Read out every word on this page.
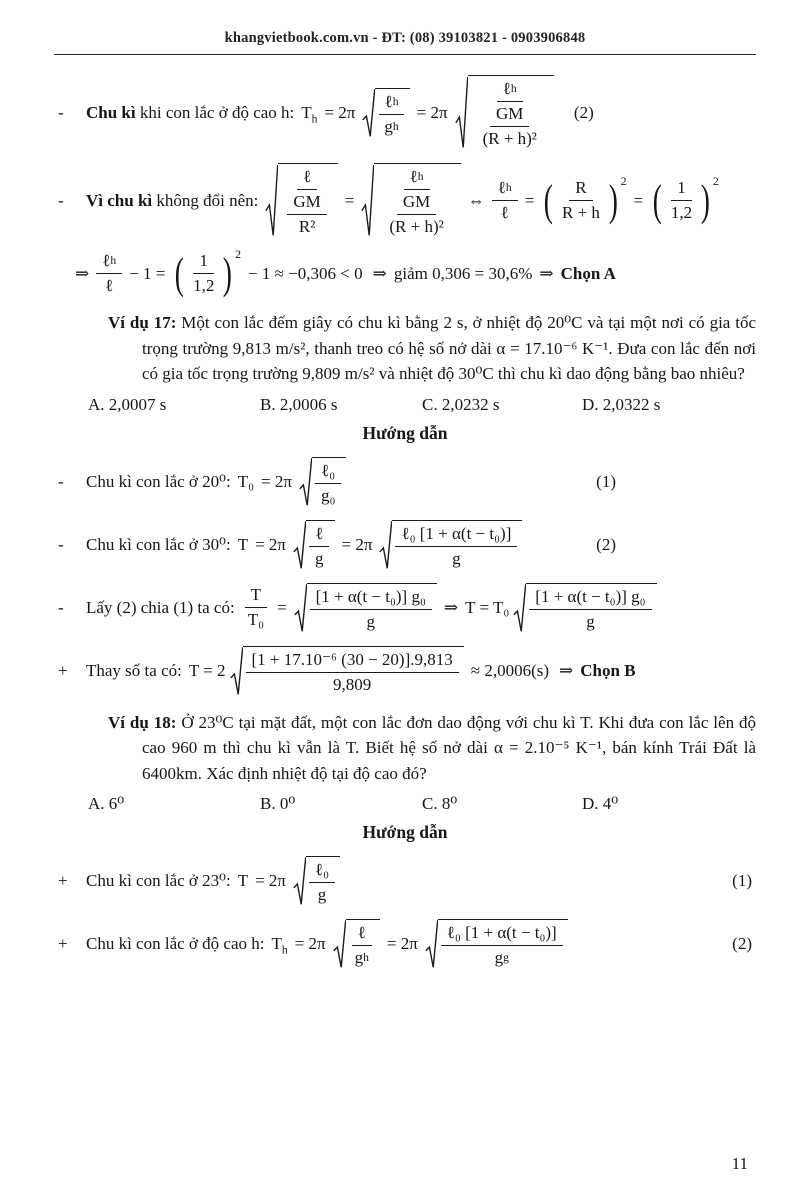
khangvietbook.com.vn - ĐT: (08) 39103821 - 0903906848
-	Chu kì khi con lắc ở độ cao h: $T_h = 2\pi \frac{\text{ℓ h}}{\text{g h}} = 2\pi \frac{\text{ℓ h}}{\frac{GM}{\text{(R + h)²}}} (2)$
-	Vì chu kì không đổi nên: $\frac{\text{ℓ}}{\frac{GM}{\text{R²}}} = \frac{\text{ℓ h}}{\frac{GM}{\text{(R + h)²}}}$ ⇔ $\frac{\text{ℓ h}}{\text{ℓ}}$ = ( $\frac{R}{R + h} )^2$
= ( $\frac{1}{1,2} )^2$
⇒ $\frac{\text{ℓ h}}{\text{ℓ}} - 1$ = ( $\frac{1}{1,2} )^2$
− 1 ≈ −0,306 < 0 ⇒ giảm 0,306 = 30,6% ⇒ Chọn A

Ví dụ 17: Một con lắc đếm giây có chu kì bằng 2 s, ở nhiệt độ 20⁰C và tại một nơi có gia tốc trọng trường 9,813 m/s², thanh treo có hệ số nở dài α = 17.10⁻⁶ K⁻¹. Đưa con lắc đến nơi có gia tốc trọng trường 9,809 m/s² và nhiệt độ 30⁰C thì chu kì dao động bằng bao nhiêu?

A. 2,0007 s	B. 2,0006 s	C. 2,0232 s	D. 2,0322 s
Hướng dẫn
-	Chu kì con lắc ở 20⁰: $T_0 = 2\pi \frac{\text{ℓ₀}}{\text{g₀}}$	(1)
-	Chu kì con lắc ở 30⁰: $T = 2\pi \frac{\text{ℓ}}{g} = 2\pi \frac{\text{ℓ₀ [1 + α(t − t₀)]}}{g}$	(2)
-	Lấy (2) chia (1) ta có: $\frac{T}{\text{T₀}} = \frac{\text{[1 + α(t − t₀)] g₀}}{g}$ ⇒ $T = T_0 \frac{\text{[1 + α(t − t₀)] g₀}}{g}$
+	Thay số ta có: $T = 2 \frac{\text{[1 + 17.10⁻⁶ (30 − 20)].9,813}}{9,809} \approx 2,0006(s)$ ⇒ Chọn B

Ví dụ 18: Ở 23⁰C tại mặt đất, một con lắc đơn dao động với chu kì T. Khi đưa con lắc lên độ cao 960 m thì chu kì vẫn là T. Biết hệ số nở dài α = 2.10⁻⁵ K⁻¹, bán kính Trái Đất là 6400km. Xác định nhiệt độ tại độ cao đó?

A. 6⁰	B. 0⁰	C. 8⁰	D. 4⁰
Hướng dẫn
+	Chu kì con lắc ở 23⁰: $T = 2\pi \frac{\text{ℓ₀}}{g}$	(1)
+	Chu kì con lắc ở độ cao h: $T_h = 2\pi \frac{\text{ℓ}}{\text{g h}} = 2\pi \frac{\text{ℓ₀ [1 + α(t − t₀)]}}{\text{g g}}$	(2)
11
